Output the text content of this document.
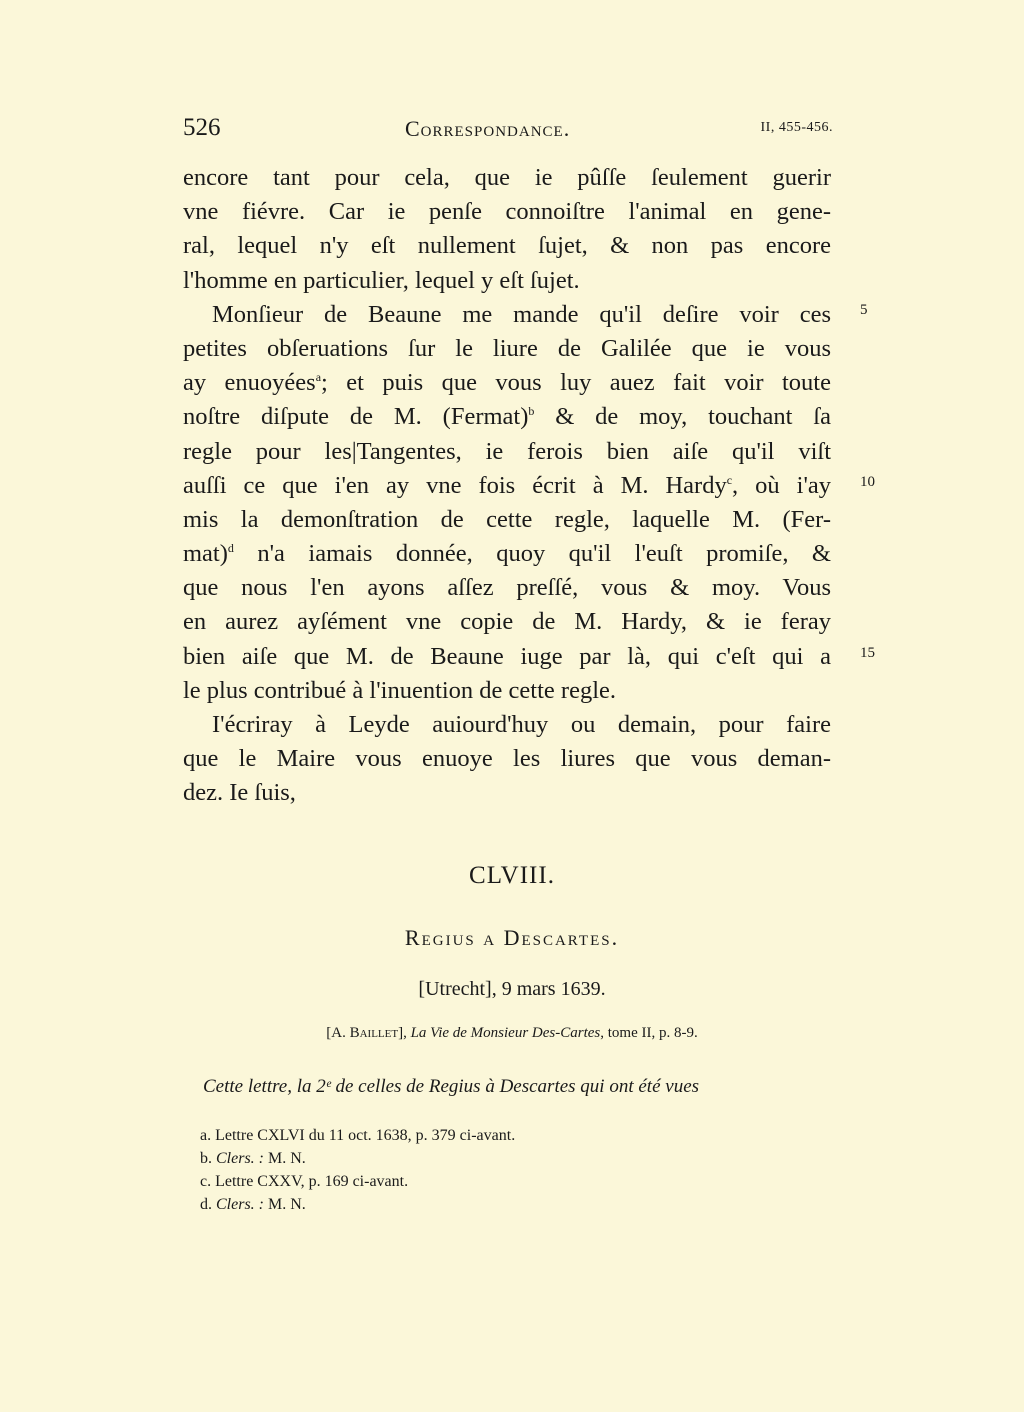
526	Correspondance.	II, 455-456.
encore tant pour cela, que ie pûſſe ſeulement guerir
vne fiévre. Car ie penſe connoiſtre l'animal en gene-
ral, lequel n'y eſt nullement ſujet, & non pas encore
l'homme en particulier, lequel y eſt ſujet.
Monſieur de Beaune me mande qu'il deſire voir ces
petites obſeruations ſur le liure de Galilée que ie vous
ay enuoyées$^a$; et puis que vous luy auez fait voir toute
noſtre diſpute de M. (Fermat)$^b$ & de moy, touchant ſa
regle pour les|Tangentes, ie ferois bien aiſe qu'il viſt
auſſi ce que i'en ay vne fois écrit à M. Hardy$^c$, où i'ay
mis la demonſtration de cette regle, laquelle M. (Fer-
mat)$^d$ n'a iamais donnée, quoy qu'il l'euſt promiſe, &
que nous l'en ayons aſſez preſſé, vous & moy. Vous
en aurez ayſément vne copie de M. Hardy, & ie feray
bien aiſe que M. de Beaune iuge par là, qui c'eſt qui a
le plus contribué à l'inuention de cette regle.
I'écriray à Leyde auiourd'huy ou demain, pour faire
que le Maire vous enuoye les liures que vous deman-
dez. Ie ſuis,
5
10
15
CLVIII.
Regius a Descartes.
[Utrecht], 9 mars 1639.
[A. Baillet], La Vie de Monsieur Des-Cartes, tome II, p. 8-9.
Cette lettre, la 2ᵉ de celles de Regius à Descartes qui ont été vues
a. Lettre CXLVI du 11 oct. 1638, p. 379 ci-avant.
b. Clers. : M. N.
c. Lettre CXXV, p. 169 ci-avant.
d. Clers. : M. N.
